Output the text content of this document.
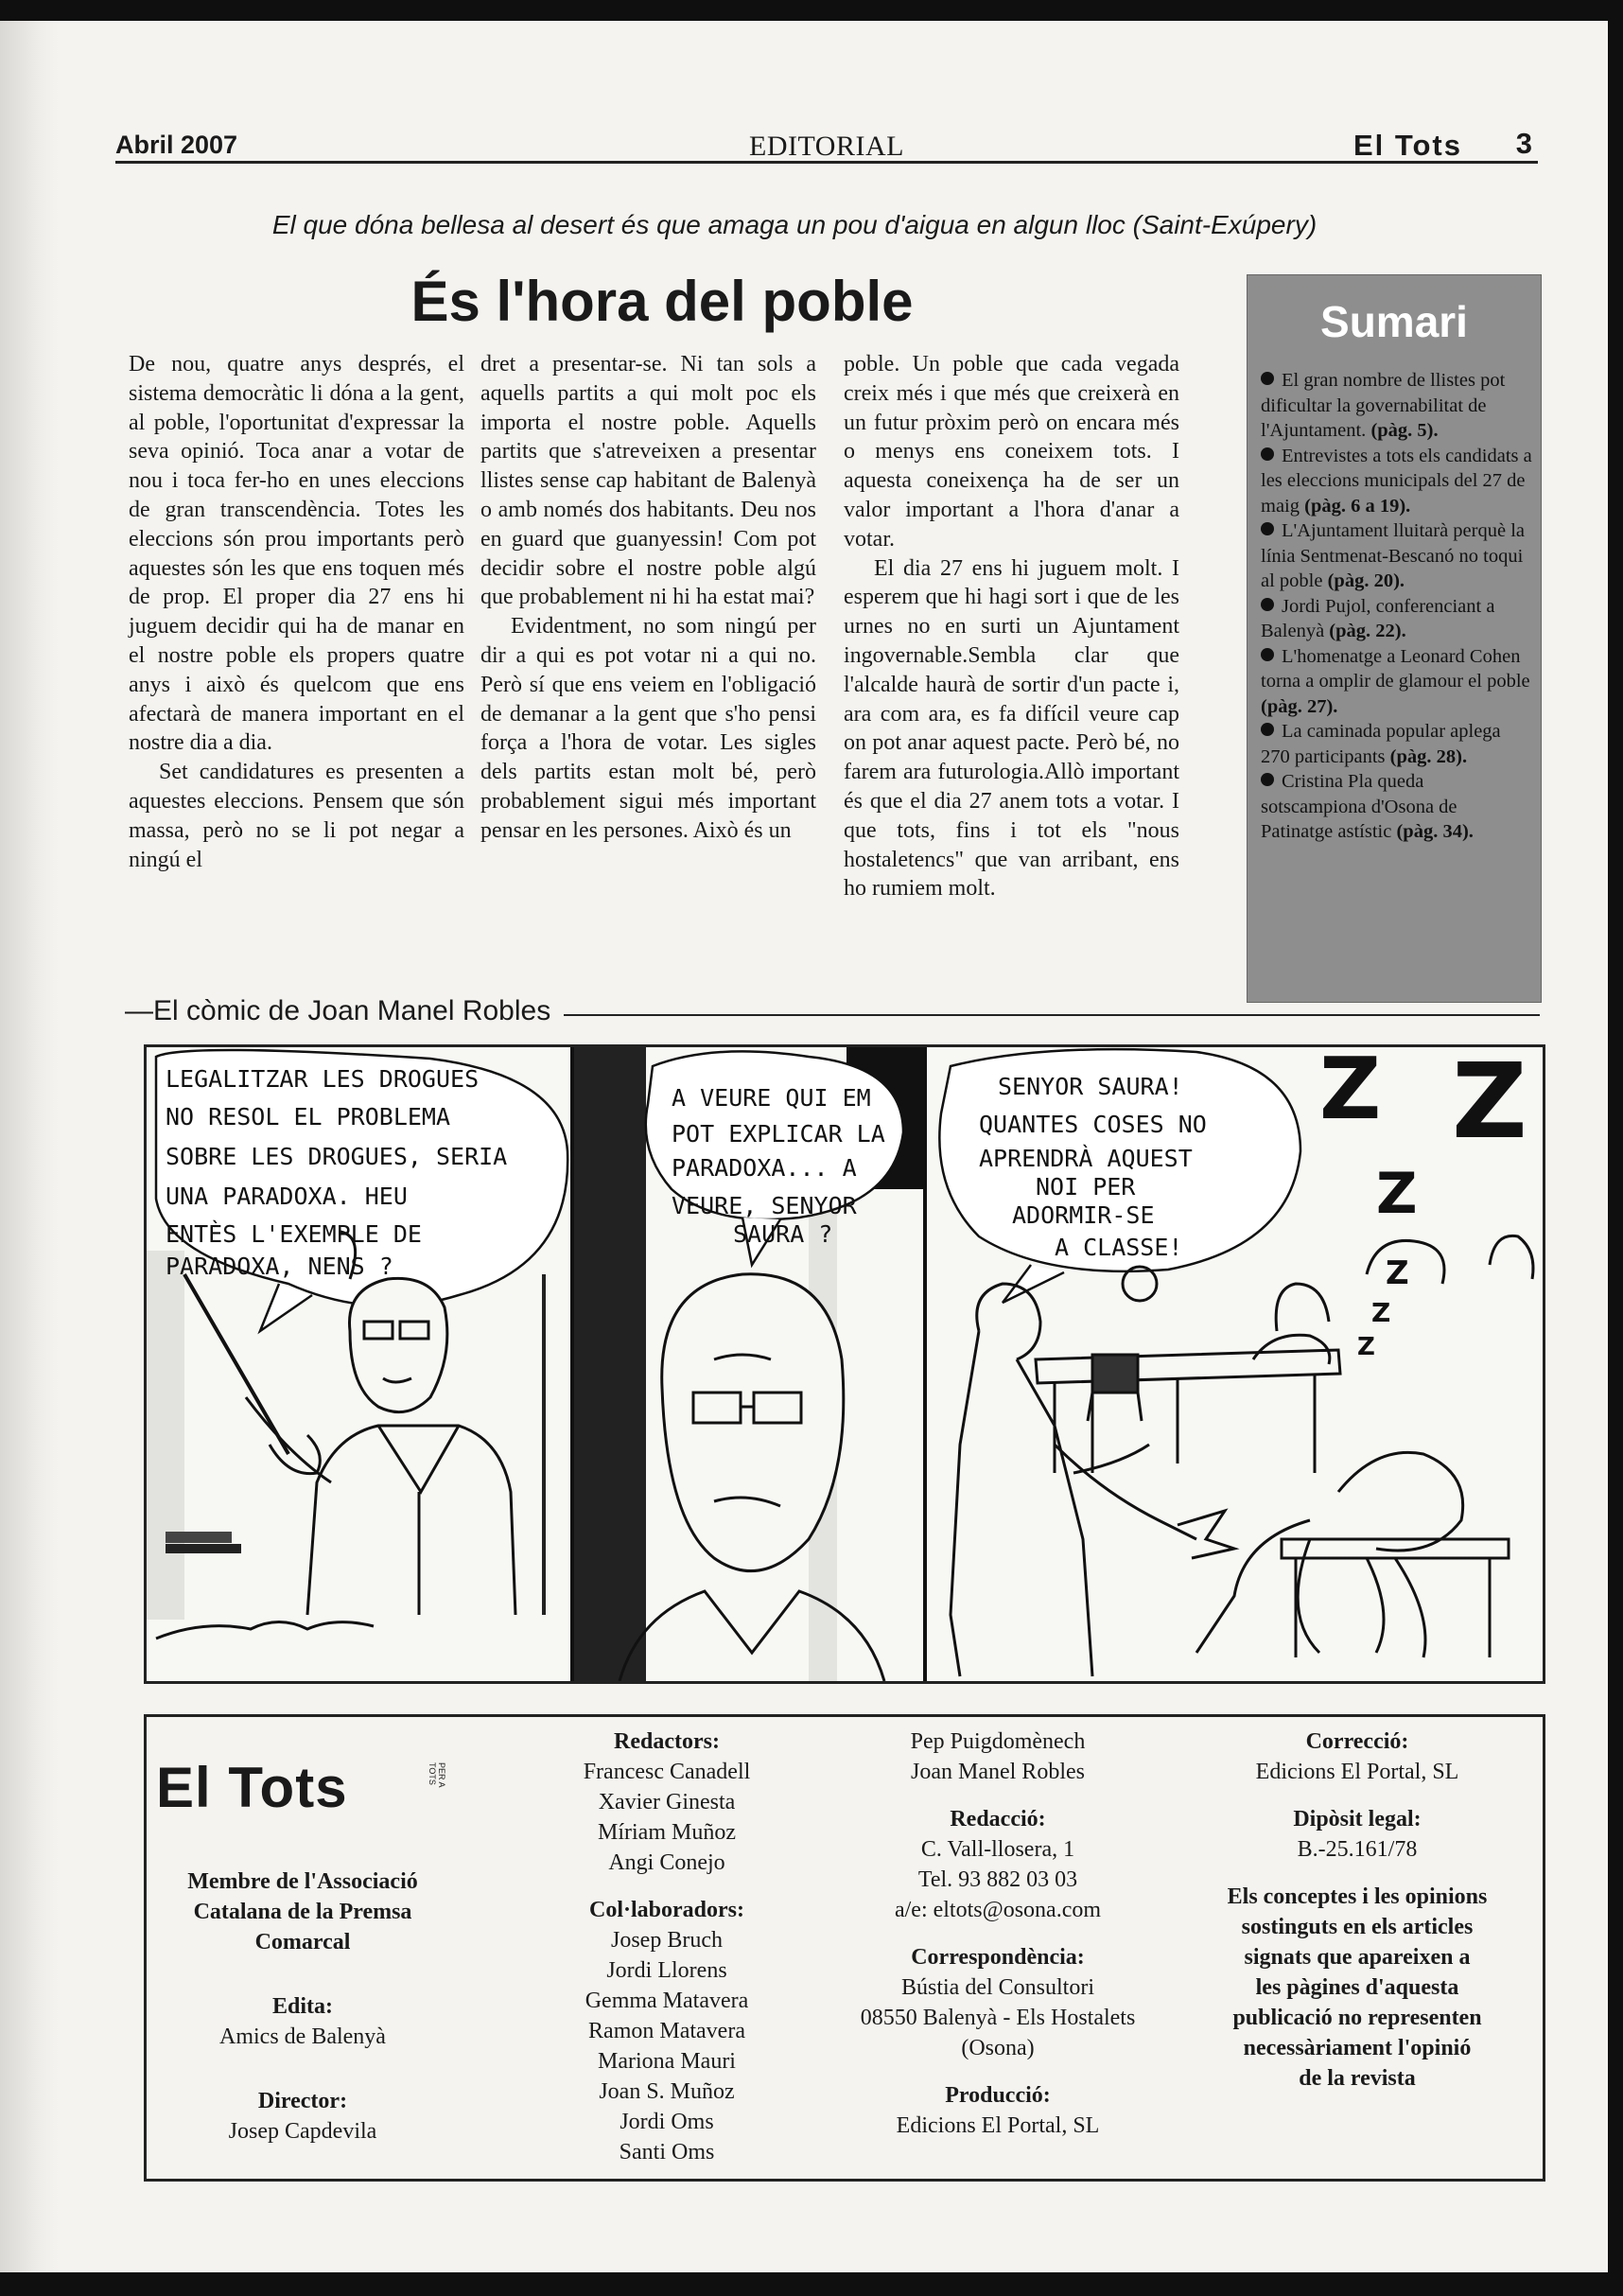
Abril 2007	EDITORIAL	El Tots 3
El que dóna bellesa al desert és que amaga un pou d'aigua en algun lloc (Saint-Exúpery)
És l'hora del poble

De nou, quatre anys després, el sistema democràtic li dóna a la gent, al poble, l'oportunitat d'expressar la seva opinió. Toca anar a votar de nou i toca fer-ho en unes eleccions de gran transcendència. Totes les eleccions són prou importants però aquestes són les que ens toquen més de prop. El proper dia 27 ens hi juguem decidir qui ha de manar en el nostre poble els propers quatre anys i això és quelcom que ens afectarà de manera important en el nostre dia a dia.

Set candidatures es presenten a aquestes eleccions. Pensem que són massa, però no se li pot negar a ningú el

dret a presentar-se. Ni tan sols a aquells partits a qui molt poc els importa el nostre poble. Aquells partits que s'atreveixen a presentar llistes sense cap habitant de Balenyà o amb només dos habitants. Deu nos en guard que guanyessin! Com pot decidir sobre el nostre poble algú que probablement ni hi ha estat mai?

Evidentment, no som ningú per dir a qui es pot votar ni a qui no. Però sí que ens veiem en l'obligació de demanar a la gent que s'ho pensi força a l'hora de votar. Les sigles dels partits estan molt bé, però probablement sigui més important pensar en les persones. Això és un

poble. Un poble que cada vegada creix més i que més que creixerà en un futur pròxim però on encara més o menys ens coneixem tots. I aquesta coneixença ha de ser un valor important a l'hora d'anar a votar.

El dia 27 ens hi juguem molt. I esperem que hi hagi sort i que de les urnes no en surti un Ajuntament ingovernable.Sembla clar que l'alcalde haurà de sortir d'un pacte i, ara com ara, es fa difícil veure cap on pot anar aquest pacte. Però bé, no farem ara futurologia.Allò important és que el dia 27 anem tots a votar. I que tots, fins i tot els "nous hostaletencs" que van arribant, ens ho rumiem molt.

Sumari
El gran nombre de llistes pot dificultar la governabilitat de l'Ajuntament. (pàg. 5).
Entrevistes a tots els candidats a les eleccions municipals del 27 de maig (pàg. 6 a 19).
L'Ajuntament lluitarà perquè la línia Sentmenat-Bescanó no toqui al poble (pàg. 20).
Jordi Pujol, conferenciant a Balenyà (pàg. 22).
L'homenatge a Leonard Cohen torna a omplir de glamour el poble (pàg. 27).
La caminada popular aplega 270 participants (pàg. 28).
Cristina Pla queda sotscampiona d'Osona de Patinatge astístic (pàg. 34).
—El còmic de Joan Manel Robles
LEGALITZAR LES DROGUES
NO RESOL EL PROBLEMA
SOBRE LES DROGUES, SERIA
UNA PARADOXA. HEU
ENTÈS L'EXEMPLE DE
PARADOXA, NENS ?
A VEURE QUI EM
POT EXPLICAR LA
PARADOXA... A
VEURE, SENYOR
SAURA ?
SENYOR SAURA!
QUANTES COSES NO
APRENDRÀ AQUEST
NOI PER
ADORMIR-SE
A CLASSE!
Z Z
Z
Z
Z
Z
El Tots	PER A TOTS
Membre de l'Associació
Catalana de la Premsa
Comarcal
Edita:
Amics de Balenyà
Director:
Josep Capdevila
Redactors:
Francesc Canadell
Xavier Ginesta
Míriam Muñoz
Angi Conejo
Col·laboradors:
Josep Bruch
Jordi Llorens
Gemma Matavera
Ramon Matavera
Mariona Mauri
Joan S. Muñoz
Jordi Oms
Santi Oms
Pep Puigdomènech
Joan Manel Robles
Redacció:
C. Vall-llosera, 1
Tel. 93 882 03 03
a/e: eltots@osona.com
Correspondència:
Bústia del Consultori
08550 Balenyà - Els Hostalets
(Osona)
Producció:
Edicions El Portal, SL
Correcció:
Edicions El Portal, SL
Dipòsit legal:
B.-25.161/78
Els conceptes i les opinions
sostinguts en els articles
signats que apareixen a
les pàgines d'aquesta
publicació no representen
necessàriament l'opinió
de la revista
